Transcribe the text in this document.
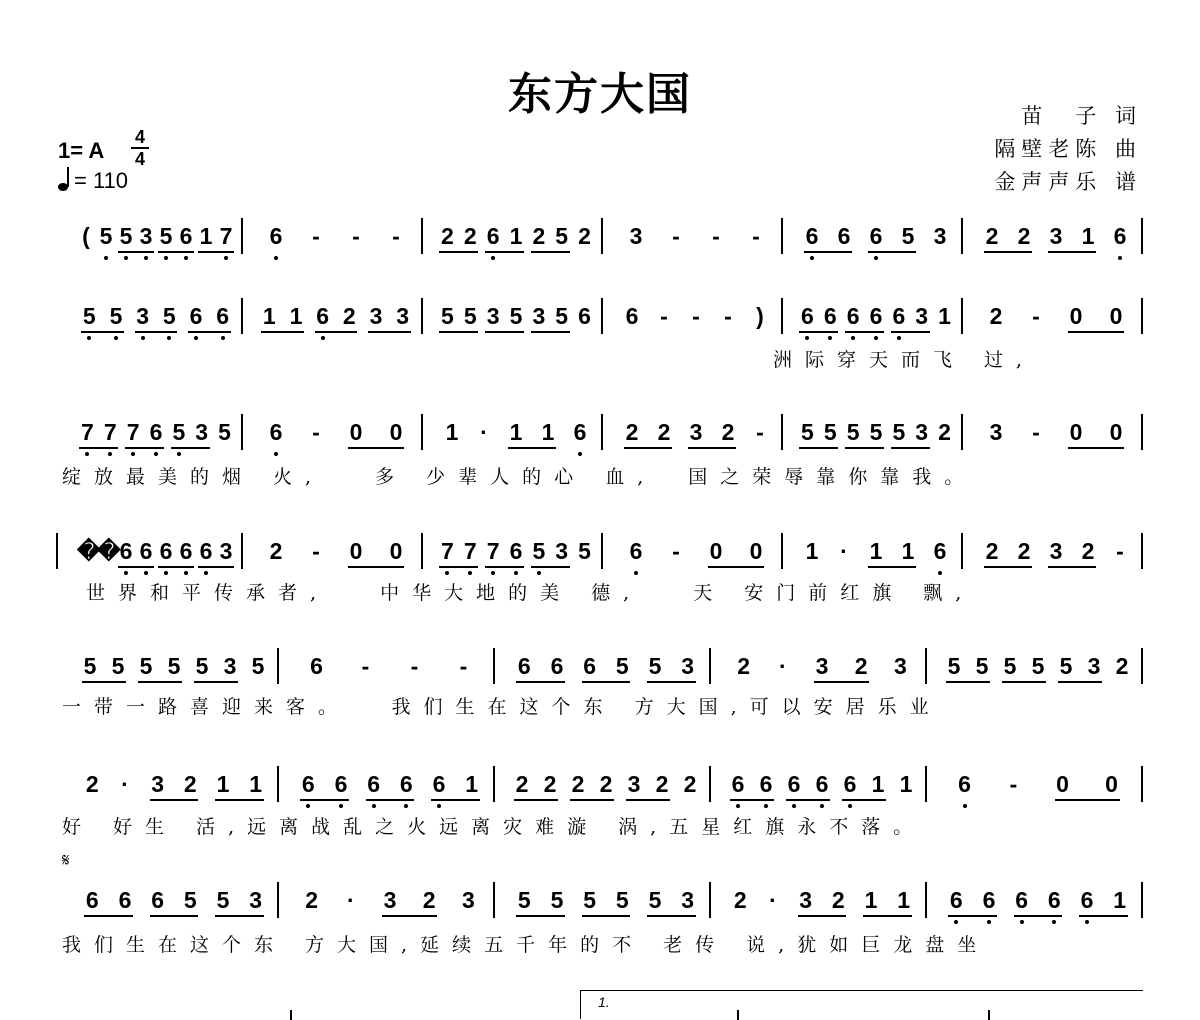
东方大国	苗　子 词
隔壁老陈 曲
金声声乐 谱
1= A
4
4
= 110
( 5 5 3 5 6 1 7 6 - - - 2 2 6 1 2 5 2 3 - - - 6 6 6 5 3 2 2 3 1 6
5 5 3 5 6 6 1 1 6 2 3 3 5 5 3 5 3 5 6 6 - - - ) 6 6 6 6 6 3 1 2 - 0 0
7 7 7 6 5 3 5 6 - 0 0 1 · 1 1 6 2 2 3 2 - 5 5 5 5 5 3 2 3 - 0 0
�
� 6 6 6 6 6 3 2 - 0 0 7 7 7 6 5 3 5 6 - 0 0 1 · 1 1 6 2 2 3 2 -
5 5 5 5 5 3 5 6 - - - 6 6 6 5 5 3 2 · 3 2 3 5 5 5 5 5 3 2
2 · 3 2 1 1 6 6 6 6 6 1 2 2 2 2 3 2 2 6 6 6 6 6 1 1 6 - 0 0
6 6 6 5 5 3 2 · 3 2 3 5 5 5 5 5 3 2 · 3 2 1 1 6 6 6 6 6 1
𝄋
1.
洲际穿天而飞 过,
绽放最美的烟 火,　 多 少辈人的心 血,　国之荣辱靠你靠我。
世界和平传承者,　 中华大地的美 德,　 天 安门前红旗 飘,
一带一路喜迎来客。　 我们生在这个东 方大国,可以安居乐业
好 好生 活,远离战乱之火远离灾难漩 涡,五星红旗永不落。
我们生在这个东 方大国,延续五千年的不 老传 说,犹如巨龙盘坐
